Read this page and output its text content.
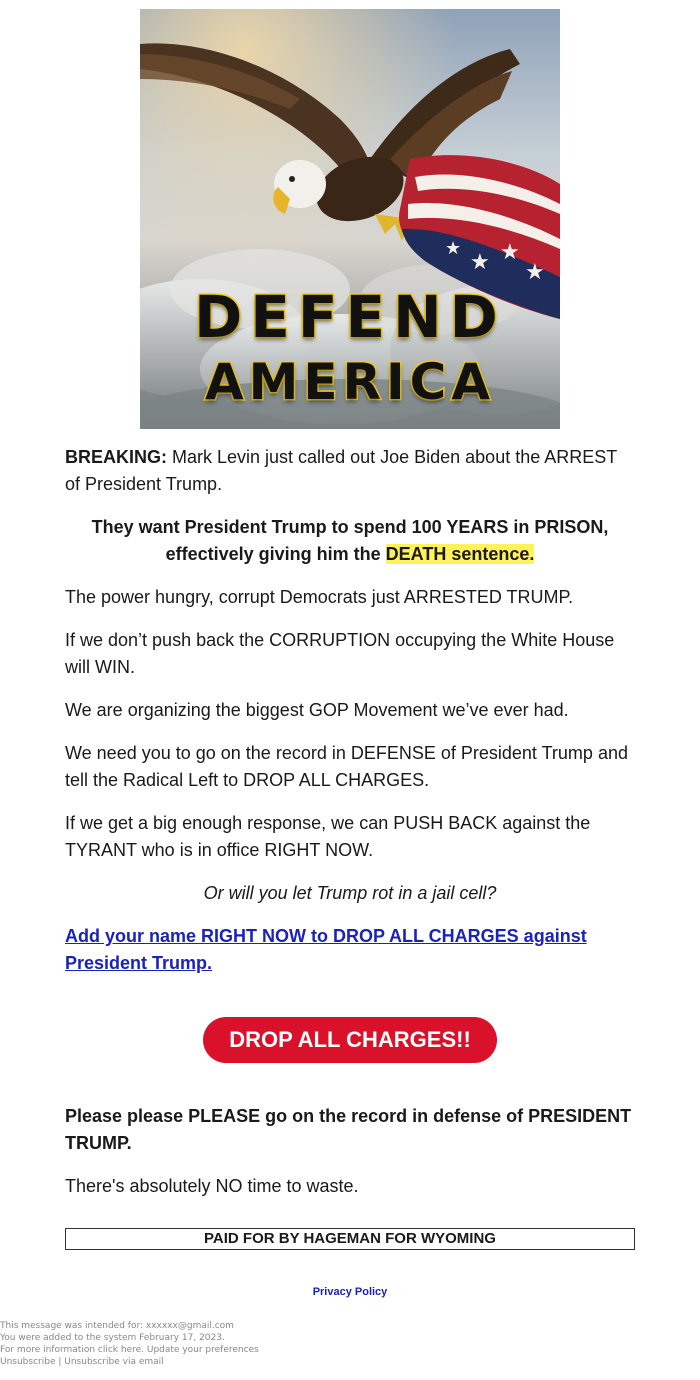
★ ★
★
★
DEFEND
AMERICA

BREAKING: Mark Levin just called out Joe Biden about the ARREST of President Trump.

They want President Trump to spend 100 YEARS in PRISON, effectively giving him the DEATH sentence.

The power hungry, corrupt Democrats just ARRESTED TRUMP.

If we don’t push back the CORRUPTION occupying the White House will WIN.

We are organizing the biggest GOP Movement we’ve ever had.

We need you to go on the record in DEFENSE of President Trump and tell the Radical Left to DROP ALL CHARGES.

If we get a big enough response, we can PUSH BACK against the TYRANT who is in office RIGHT NOW.

Or will you let Trump rot in a jail cell?

Add your name RIGHT NOW to DROP ALL CHARGES against President Trump.

DROP ALL CHARGES!!

Please please PLEASE go on the record in defense of PRESIDENT TRUMP.

There's absolutely NO time to waste.

PAID FOR BY HAGEMAN FOR WYOMING
Privacy Policy
This message was intended for: xxxxxx@gmail.com
You were added to the system February 17, 2023.
For more information click here. Update your preferences
Unsubscribe | Unsubscribe via email
